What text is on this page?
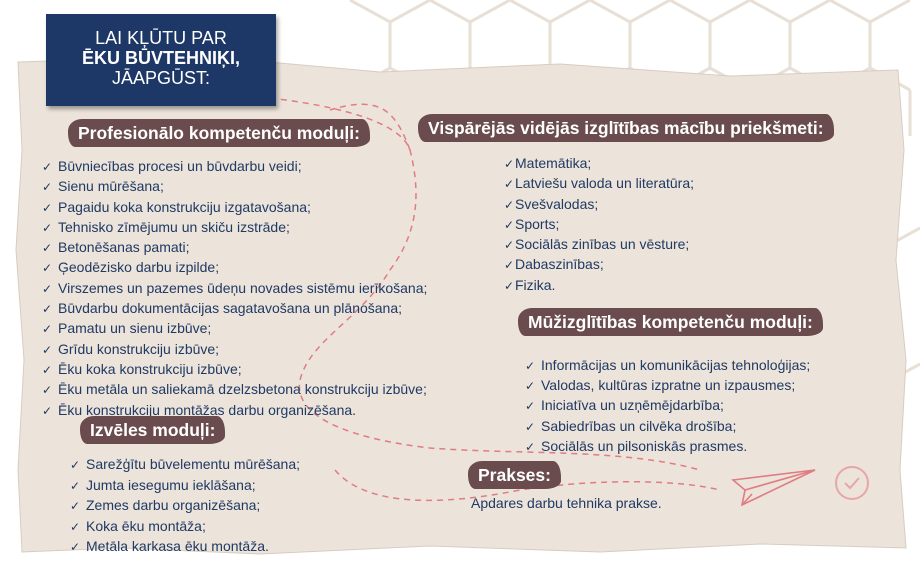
LAI KĻŪTU PAR
ĒKU BŪVTEHNIĶI,
JĀAPGŪST:
Profesionālo kompetenču moduļi:
✓ Būvniecības procesi un būvdarbu veidi;
✓ Sienu mūrēšana;
✓ Pagaidu koka konstrukciju izgatavošana;
✓ Tehnisko zīmējumu un skiču izstrāde;
✓ Betonēšanas pamati;
✓ Ģeodēzisko darbu izpilde;
✓ Virszemes un pazemes ūdeņu novades sistēmu ierīkošana;
✓ Būvdarbu dokumentācijas sagatavošana un plānošana;
✓ Pamatu un sienu izbūve;
✓ Grīdu konstrukciju izbūve;
✓ Ēku koka konstrukciju izbūve;
✓ Ēku metāla un saliekamā dzelzsbetona konstrukciju izbūve;
✓ Ēku konstrukciju montāžas darbu organizēšana.
Izvēles moduļi:
✓ Sarežģītu būvelementu mūrēšana;
✓ Jumta iesegumu ieklāšana;
✓ Zemes darbu organizēšana;
✓ Koka ēku montāža;
✓ Metāla karkasa ēku montāža.
Vispārējās vidējās izglītības mācību priekšmeti:
✓Matemātika;
✓Latviešu valoda un literatūra;
✓Svešvalodas;
✓Sports;
✓Sociālās zinības un vēsture;
✓Dabaszinības;
✓Fizika.
Mūžizglītības kompetenču moduļi:
✓ Informācijas un komunikācijas tehnoloģijas;
✓ Valodas, kultūras izpratne un izpausmes;
✓ Iniciatīva un uzņēmējdarbība;
✓ Sabiedrības un cilvēka drošība;
✓ Sociālās un pilsoniskās prasmes.
Prakses:
Apdares darbu tehnika prakse.
